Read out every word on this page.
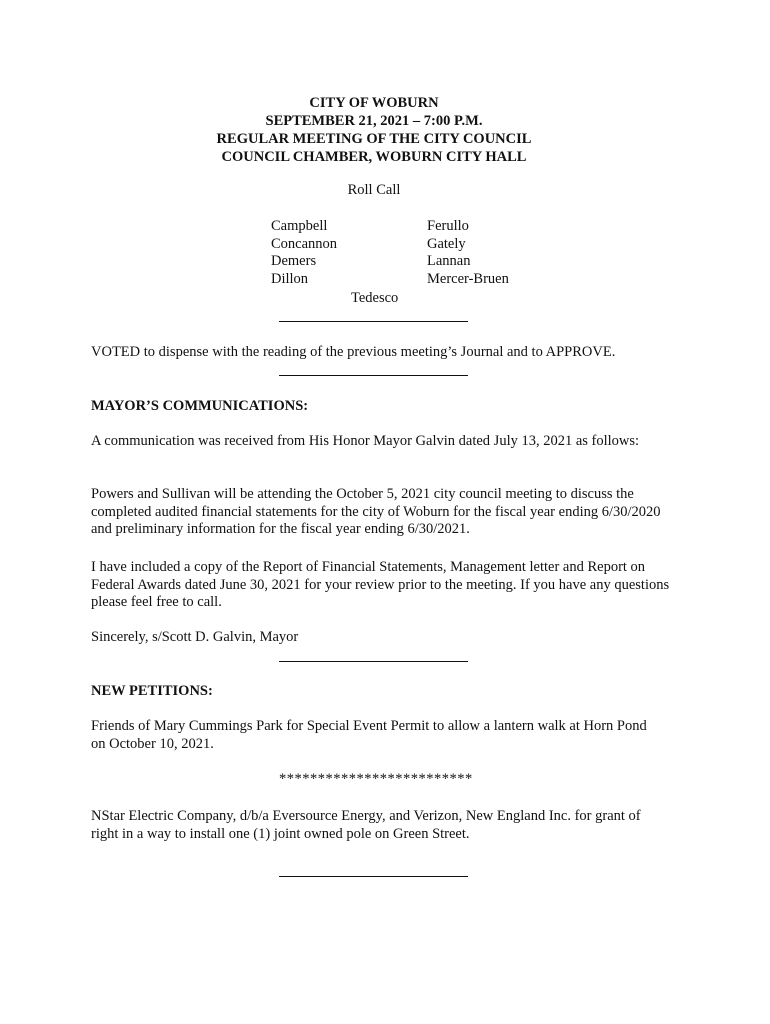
CITY OF WOBURN
SEPTEMBER 21, 2021 – 7:00 P.M.
REGULAR MEETING OF THE CITY COUNCIL
COUNCIL CHAMBER, WOBURN CITY HALL
Roll Call
Campbell
Concannon
Demers
Dillon
Ferullo
Gately
Lannan
Mercer-Bruen
Tedesco
VOTED to dispense with the reading of the previous meeting’s Journal and to APPROVE.
MAYOR’S COMMUNICATIONS:
A communication was received from His Honor Mayor Galvin dated July 13, 2021 as follows:
Powers and Sullivan will be attending the October 5, 2021 city council meeting to discuss the completed audited financial statements for the city of Woburn for the fiscal year ending 6/30/2020 and preliminary information for the fiscal year ending 6/30/2021.
I have included a copy of the Report of Financial Statements, Management letter and Report on Federal Awards dated June 30, 2021 for your review prior to the meeting. If you have any questions please feel free to call.
Sincerely, s/Scott D. Galvin, Mayor
NEW PETITIONS:
Friends of Mary Cummings Park for Special Event Permit to allow a lantern walk at Horn Pond on October 10, 2021.
*************************
NStar Electric Company, d/b/a Eversource Energy, and Verizon, New England Inc. for grant of right in a way to install one (1) joint owned pole on Green Street.
